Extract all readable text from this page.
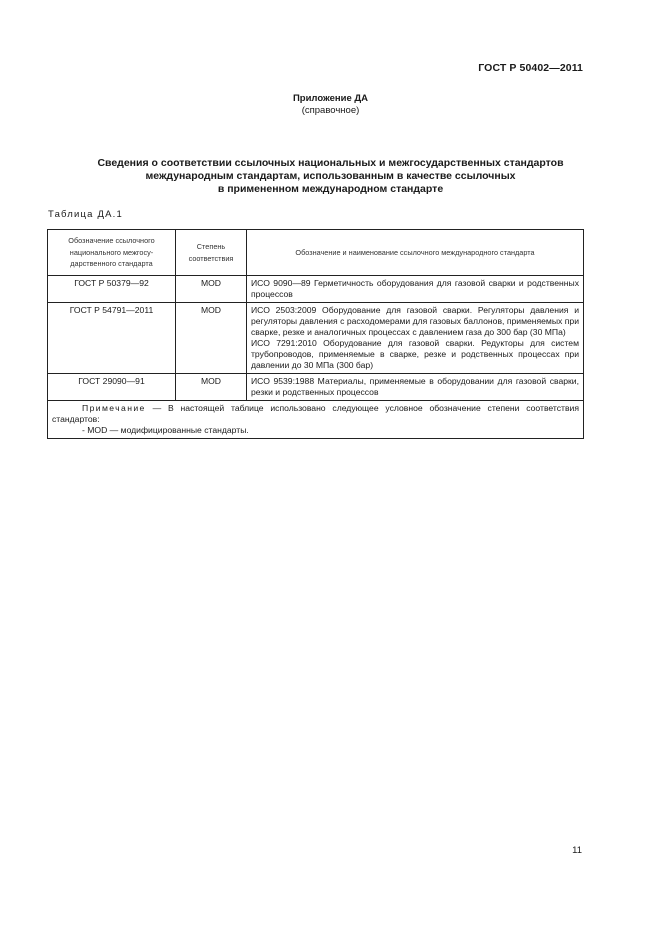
ГОСТ Р 50402—2011
Приложение ДА
(справочное)
Сведения о соответствии ссылочных национальных и межгосударственных стандартов
международным стандартам, использованным в качестве ссылочных
в примененном международном стандарте
Таблица ДА.1
Обозначение ссылочного национального межгосу-дарственного стандарта	Степень соответствия	Обозначение и наименование ссылочного международного стандарта
ГОСТ Р 50379—92	MOD	ИСО 9090—89 Герметичность оборудования для газовой сварки и родственных процессов

ГОСТ Р 54791—2011	MOD	ИСО 2503:2009 Оборудование для газовой сварки. Регуляторы давления и регуляторы давления с расходомерами для газовых баллонов, применяемых при сварке, резке и аналогичных процессах с давлением газа до 300 бар (30 МПа)
ИСО 7291:2010 Оборудование для газовой сварки. Редукторы для систем трубопроводов, применяемые в сварке, резке и родственных процессах при давлении до 30 МПа (300 бар)

ГОСТ 29090—91	MOD	ИСО 9539:1988 Материалы, применяемые в оборудовании для газовой сварки, резки и родственных процессов

Примечание — В настоящей таблице использовано следующее условное обозначение степени соответствия стандартов:
- MOD — модифицированные стандарты.		
11
